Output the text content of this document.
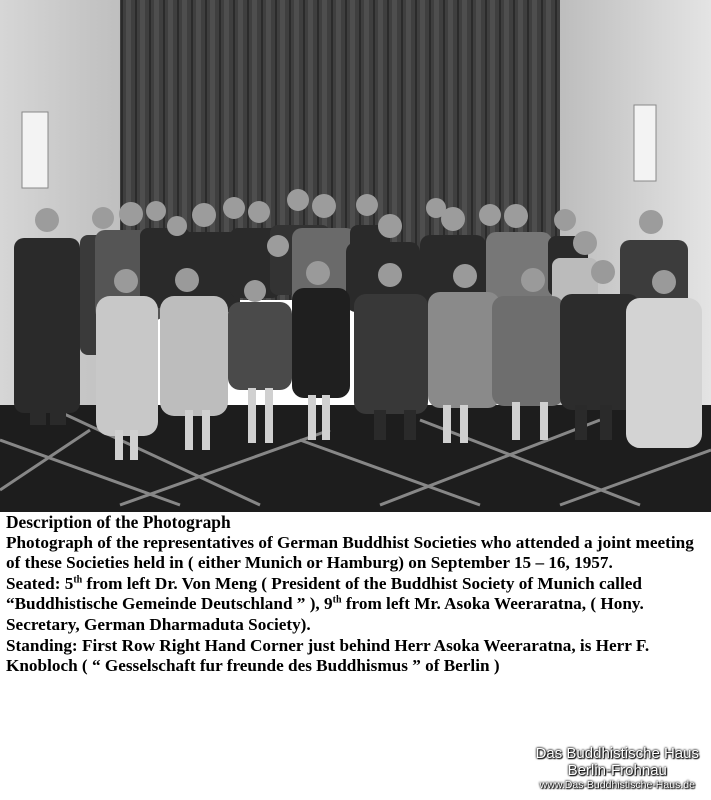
Description of the Photograph

Photograph of the representatives of German Buddhist Societies who attended a joint meeting of these Societies held in ( either Munich or Hamburg) on September 15 – 16, 1957.

Seated: 5th from left Dr. Von Meng ( President of the Buddhist Society of Munich called “Buddhistische Gemeinde Deutschland ” ), 9th from left Mr. Asoka Weeraratna, ( Hony. Secretary, German Dharmaduta Society).

Standing: First Row Right Hand Corner just behind Herr Asoka Weeraratna, is Herr F. Knobloch ( “ Gesselschaft fur freunde des Buddhismus ” of Berlin )

Das Buddhistische Haus
Berlin-Frohnau
www.Das-Buddhistische-Haus.de
